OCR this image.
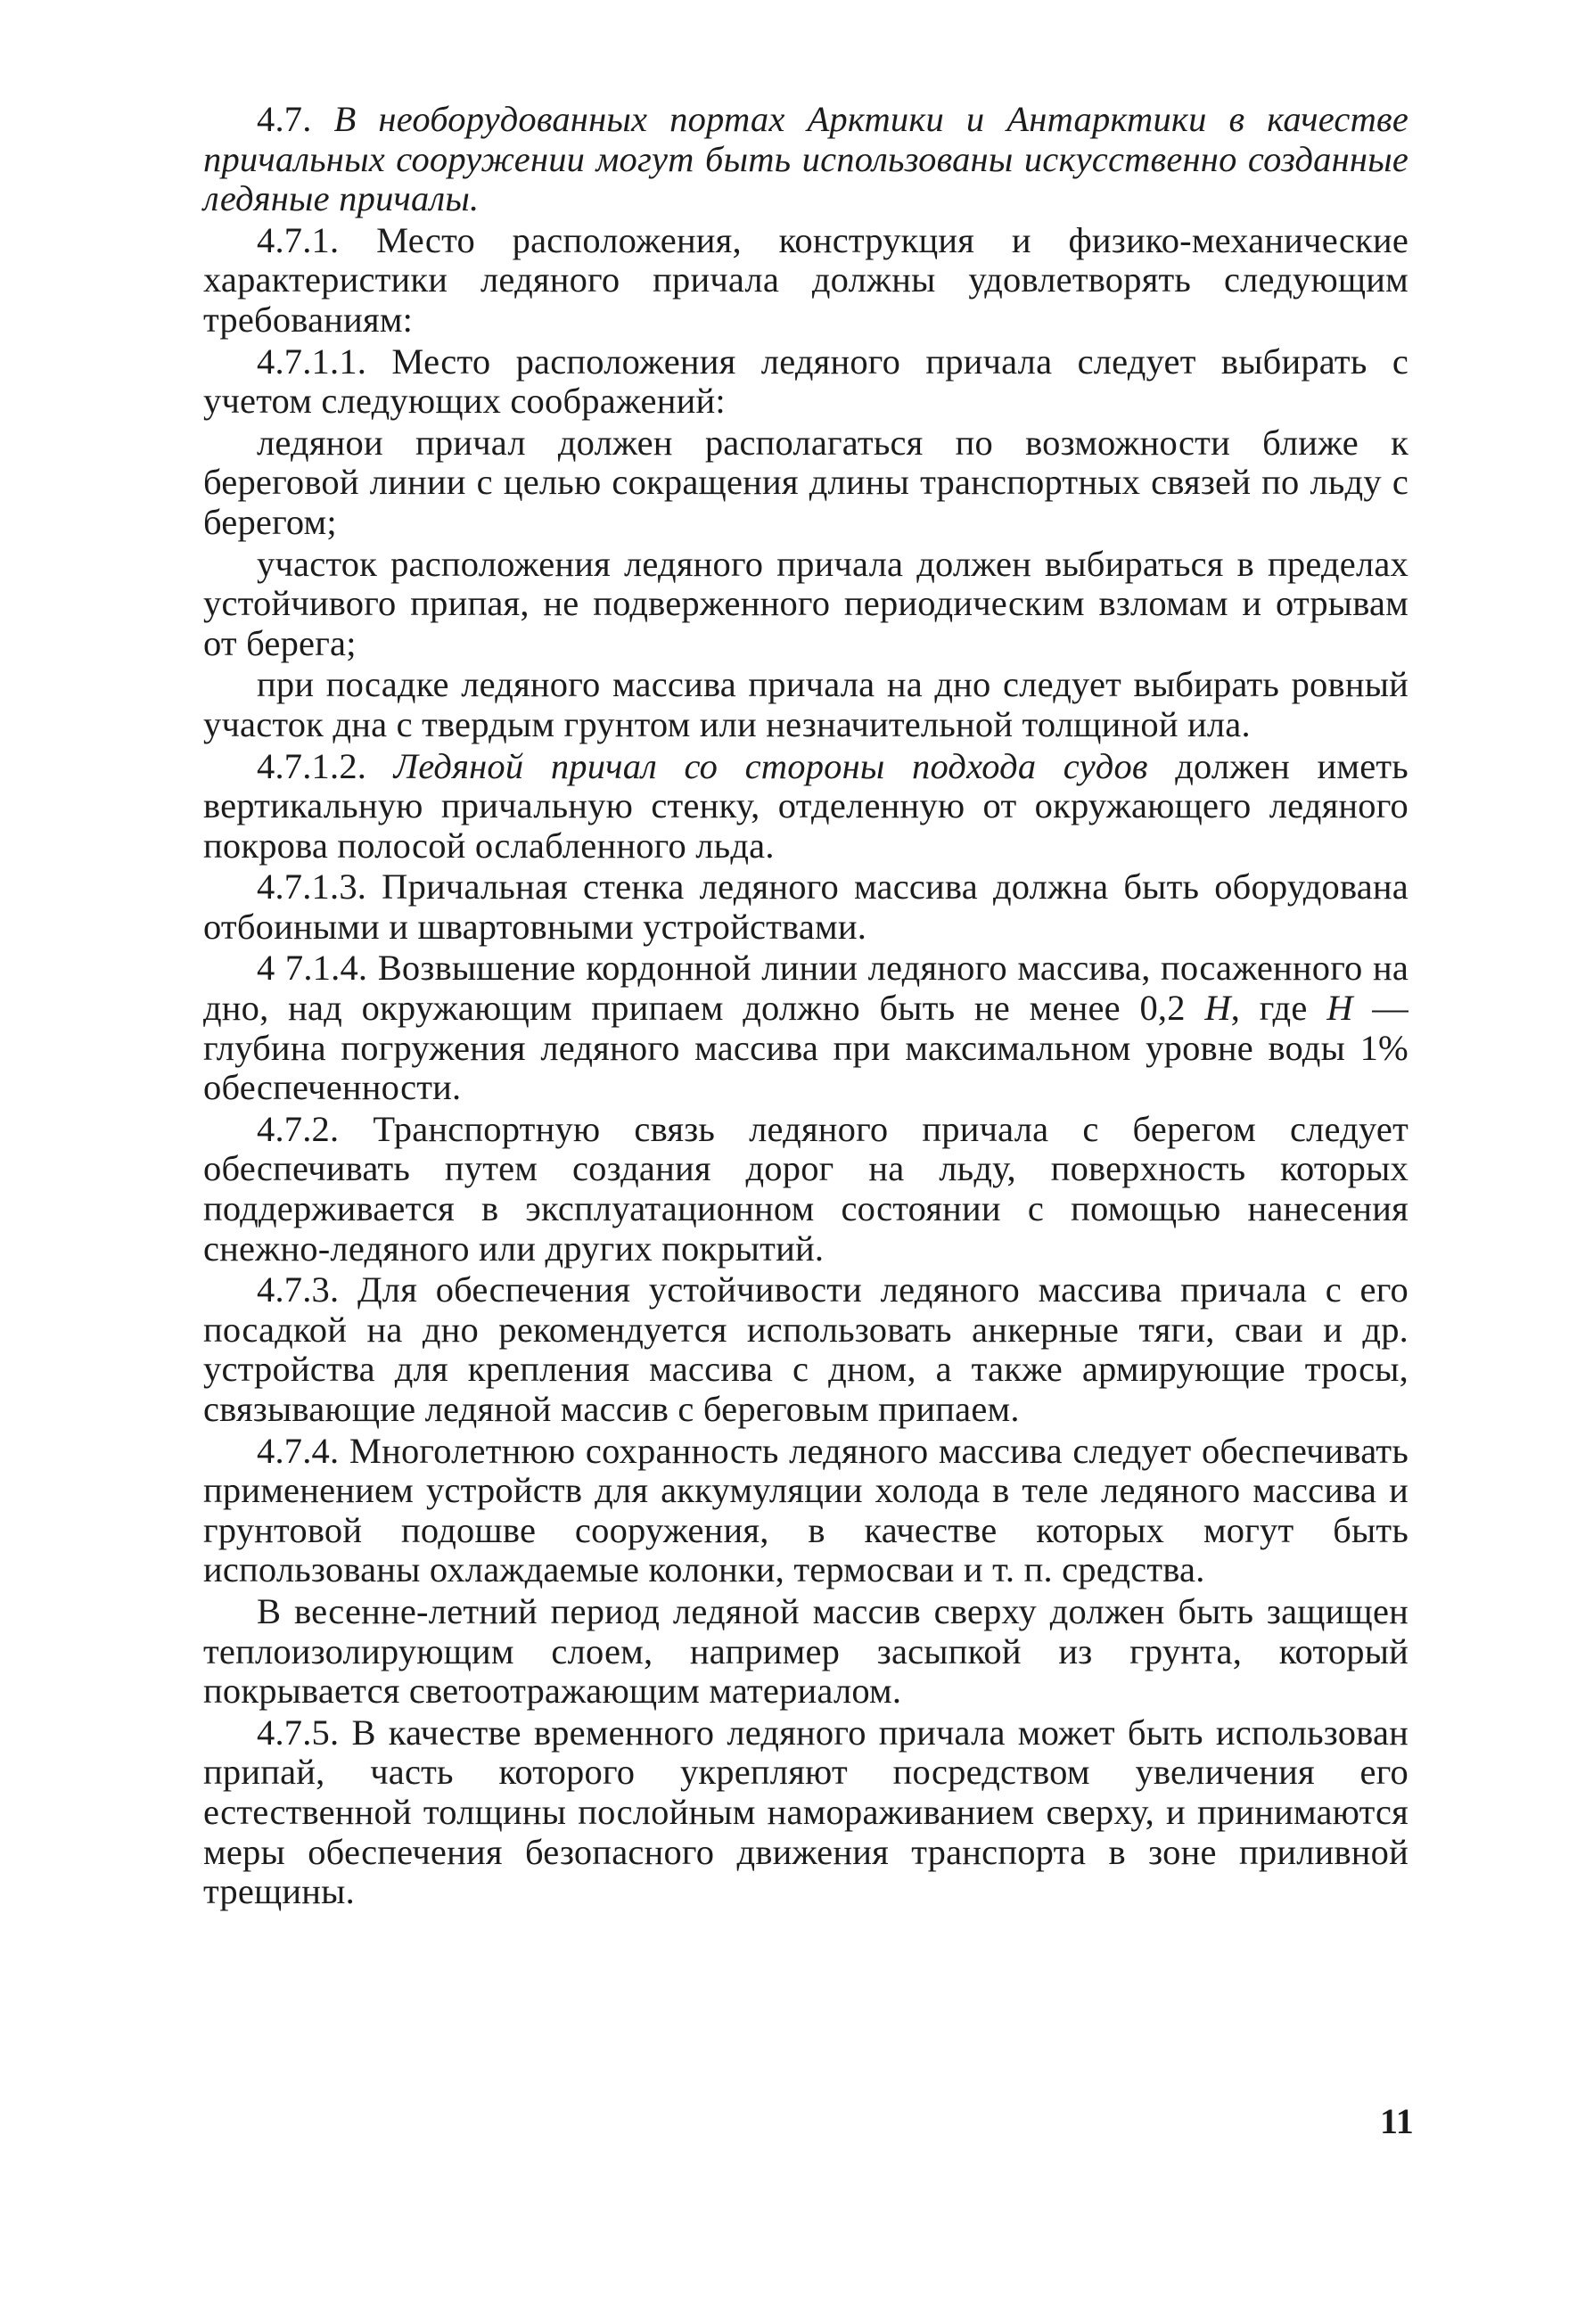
4.7. В необорудованных портах Арктики и Антарктики в качестве причальных сооружении могут быть использованы искусственно созданные ледяные причалы.

4.7.1. Место расположения, конструкция и физико-механические характеристики ледяного причала должны удовлетворять следующим требованиям:

4.7.1.1. Место расположения ледяного причала следует выбирать с учетом следующих соображений:

ледянои причал должен располагаться по возможности ближе к береговой линии с целью сокращения длины транспортных связей по льду с берегом;

участок расположения ледяного причала должен выбираться в пределах устойчивого припая, не подверженного периодическим взломам и отрывам от берега;

при посадке ледяного массива причала на дно следует выбирать ровный участок дна с твердым грунтом или незначительной толщиной ила.

4.7.1.2. Ледяной причал со стороны подхода судов должен иметь вертикальную причальную стенку, отделенную от окружающего ледяного покрова полосой ослабленного льда.

4.7.1.3. Причальная стенка ледяного массива должна быть оборудована отбоиными и швартовными устройствами.

4 7.1.4. Возвышение кордонной линии ледяного массива, посаженного на дно, над окружающим припаем должно быть не менее 0,2 H, где H — глубина погружения ледяного массива при максимальном уровне воды 1% обеспеченности.

4.7.2. Транспортную связь ледяного причала с берегом следует обеспечивать путем создания дорог на льду, поверхность которых поддерживается в эксплуатационном состоянии с помощью нанесения снежно-ледяного или других покрытий.

4.7.3. Для обеспечения устойчивости ледяного массива причала с его посадкой на дно рекомендуется использовать анкерные тяги, сваи и др. устройства для крепления массива с дном, а также армирующие тросы, связывающие ледяной массив с береговым припаем.

4.7.4. Многолетнюю сохранность ледяного массива следует обеспечивать применением устройств для аккумуляции холода в теле ледяного массива и грунтовой подошве сооружения, в качестве которых могут быть использованы охлаждаемые колонки, термосваи и т. п. средства.

В весенне-летний период ледяной массив сверху должен быть защищен теплоизолирующим слоем, например засыпкой из грунта, который покрывается светоотражающим материалом.

4.7.5. В качестве временного ледяного причала может быть использован припай, часть которого укрепляют посредством увеличения его естественной толщины послойным намораживанием сверху, и принимаются меры обеспечения безопасного движения транспорта в зоне приливной трещины.

11
